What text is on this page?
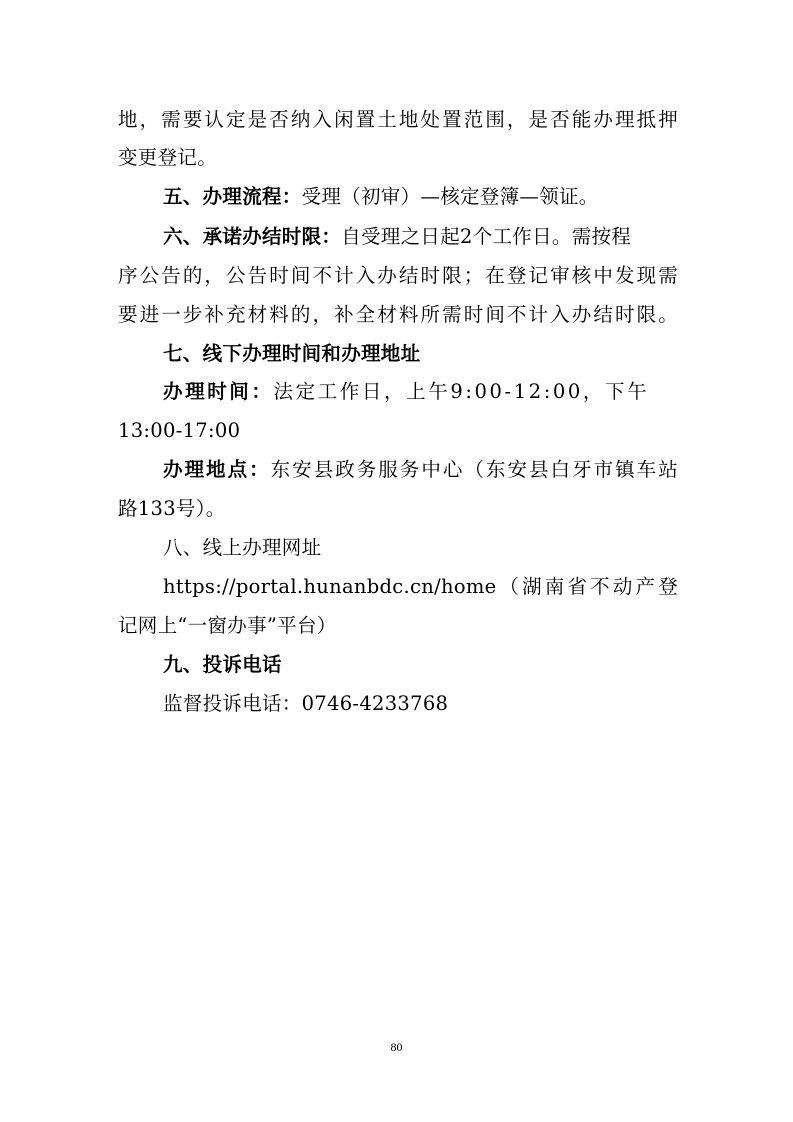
地，需要认定是否纳入闲置土地处置范围，是否能办理抵押
变更登记。
五、办理流程：受理（初审）—核定登簿—领证。
六、承诺办结时限：自受理之日起2个工作日。需按程
序公告的，公告时间不计入办结时限；在登记审核中发现需
要进一步补充材料的，补全材料所需时间不计入办结时限。
七、线下办理时间和办理地址
办理时间：法定工作日，上午9:00-12:00，下午
13:00-17:00
办理地点：东安县政务服务中心（东安县白牙市镇车站
路133号）。
八、线上办理网址
https://portal.hunanbdc.cn/home（湖南省不动产登
记网上“一窗办事”平台）
九、投诉电话
监督投诉电话：0746-4233768
80
